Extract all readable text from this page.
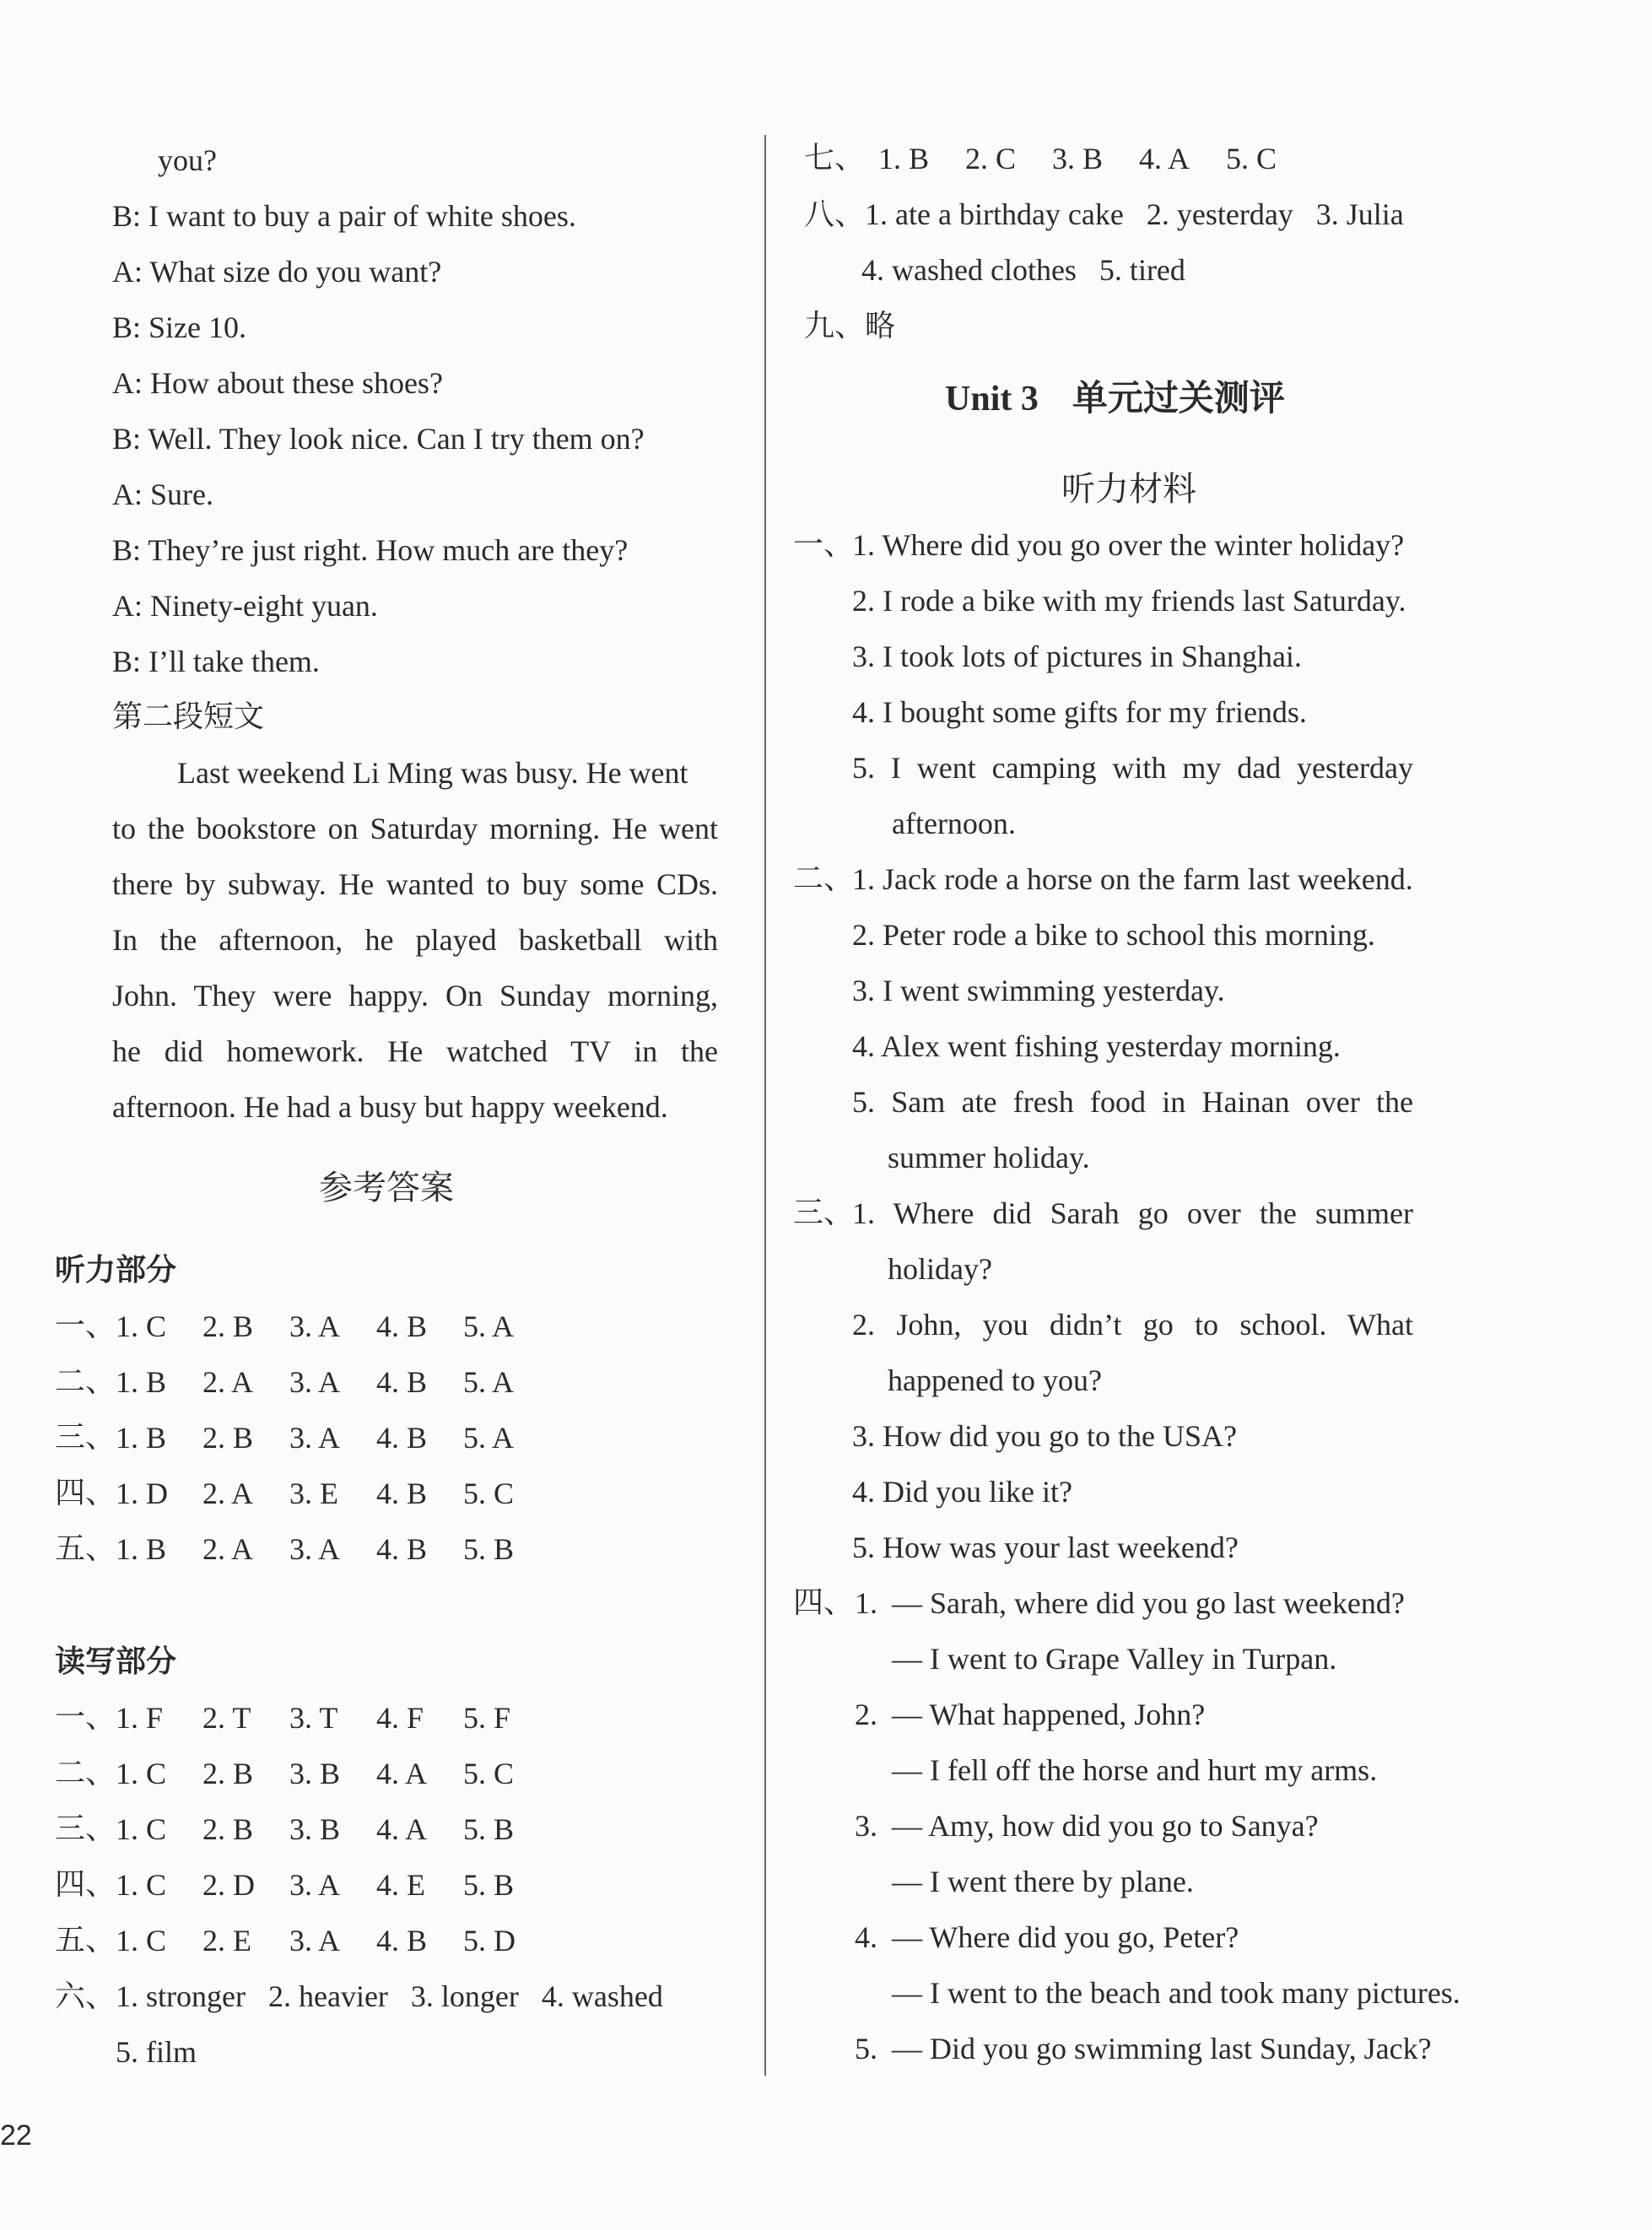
you?
B: I want to buy a pair of white shoes.
A: What size do you want?
B: Size 10.
A: How about these shoes?
B: Well. They look nice. Can I try them on?
A: Sure.
B: They’re just right. How much are they?
A: Ninety-eight yuan.
B: I’ll take them.
第二段短文
Last weekend Li Ming was busy. He went
to the bookstore on Saturday morning. He went
there by subway. He wanted to buy some CDs.
In the afternoon, he played basketball with
John. They were happy. On Sunday morning,
he did homework. He watched TV in the
afternoon. He had a busy but happy weekend.
参考答案
听力部分
一、 1. C	2. B	3. A	4. B	5. A
二、 1. B	2. A	3. A	4. B	5. A
三、 1. B	2. B	3. A	4. B	5. A
四、 1. D	2. A	3. E	4. B	5. C
五、 1. B	2. A	3. A	4. B	5. B
读写部分
一、 1. F	2. T	3. T	4. F	5. F
二、 1. C	2. B	3. B	4. A	5. C
三、 1. C	2. B	3. B	4. A	5. B
四、 1. C	2. D	3. A	4. E	5. B
五、 1. C	2. E	3. A	4. B	5. D
六、1. stronger   2. heavier   3. longer   4. washed
5. film
七、 1. B	2. C	3. B	4. A	5. C
八、1. ate a birthday cake   2. yesterday   3. Julia
4. washed clothes   5. tired
九、略
Unit 3 单元过关测评
听力材料
一、
1. Where did you go over the winter holiday?
2. I rode a bike with my friends last Saturday.
3. I took lots of pictures in Shanghai.
4. I bought some gifts for my friends.
5. I went camping with my dad yesterday
afternoon.
二、
1. Jack rode a horse on the farm last weekend.
2. Peter rode a bike to school this morning.
3. I went swimming yesterday.
4. Alex went fishing yesterday morning.
5. Sam ate fresh food in Hainan over the
summer holiday.
三、
1. Where did Sarah go over the summer
holiday?
2. John, you didn’t go to school. What
happened to you?
3. How did you go to the USA?
4. Did you like it?
5. How was your last weekend?
四、 1. — Sarah, where did you go last weekend?
— I went to Grape Valley in Turpan.
2. — What happened, John?
— I fell off the horse and hurt my arms.
3. — Amy, how did you go to Sanya?
— I went there by plane.
4. — Where did you go, Peter?
— I went to the beach and took many pictures.
5. — Did you go swimming last Sunday, Jack?
22
